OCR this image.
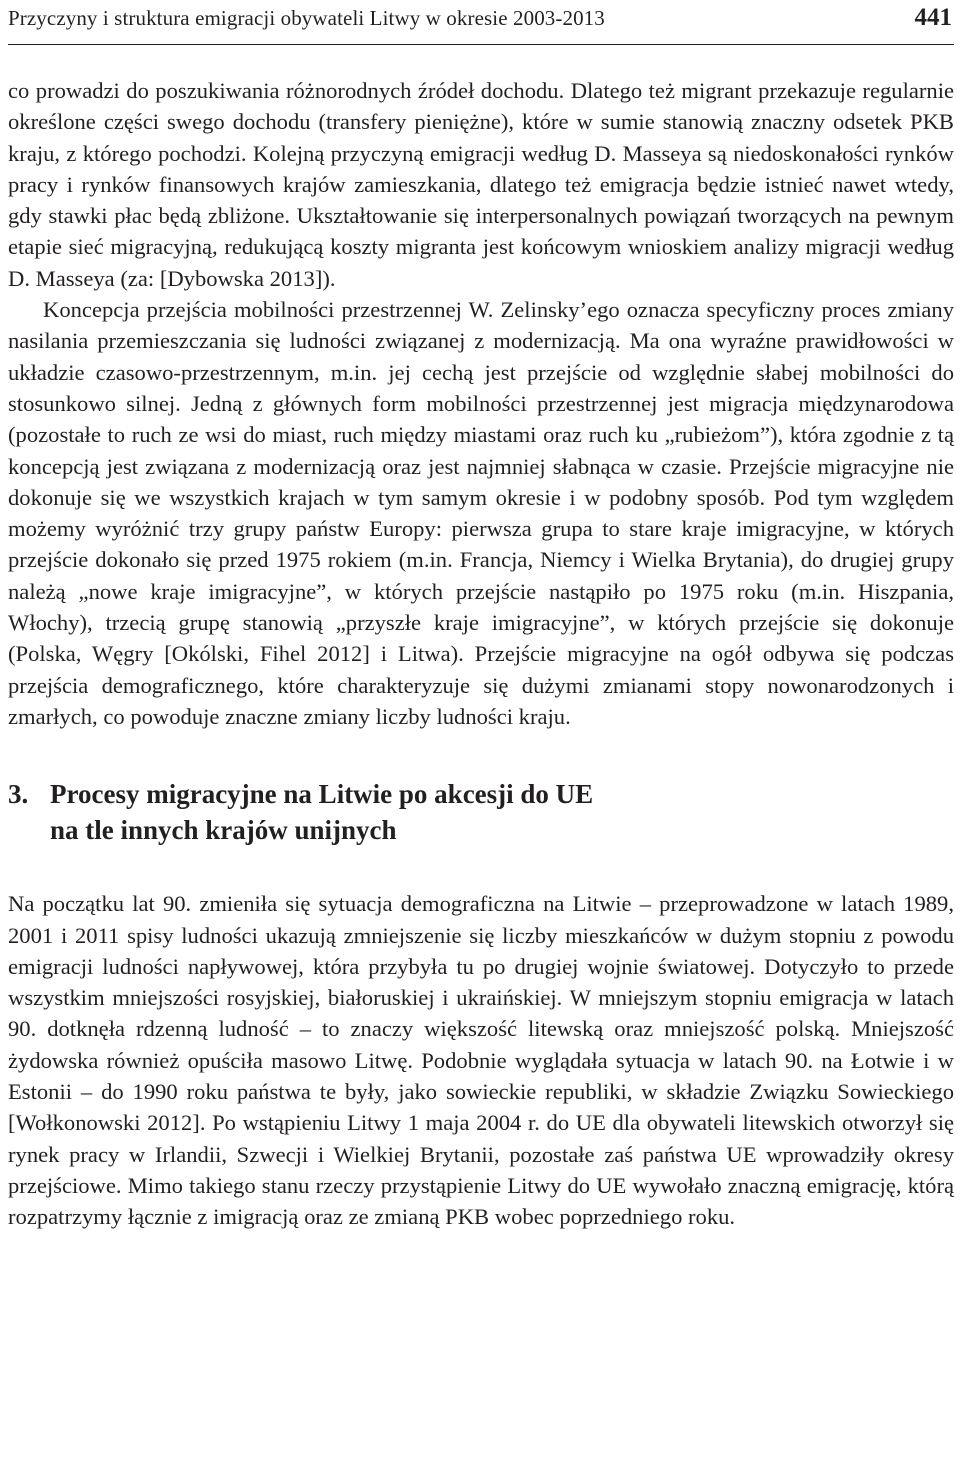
Przyczyny i struktura emigracji obywateli Litwy w okresie 2003-2013	441

co prowadzi do poszukiwania różnorodnych źródeł dochodu. Dlatego też migrant przekazuje regularnie określone części swego dochodu (transfery pieniężne), które w sumie stanowią znaczny odsetek PKB kraju, z którego pochodzi. Kolejną przyczyną emigracji według D. Masseya są niedoskonałości rynków pracy i rynków finansowych krajów zamieszkania, dlatego też emigracja będzie istnieć nawet wtedy, gdy stawki płac będą zbliżone. Ukształtowanie się interpersonalnych powiązań tworzących na pewnym etapie sieć migracyjną, redukującą koszty migranta jest końcowym wnioskiem analizy migracji według D. Masseya (za: [Dybowska 2013]).

Koncepcja przejścia mobilności przestrzennej W. Zelinsky’ego oznacza specyficzny proces zmiany nasilania przemieszczania się ludności związanej z modernizacją. Ma ona wyraźne prawidłowości w układzie czasowo-przestrzennym, m.in. jej cechą jest przejście od względnie słabej mobilności do stosunkowo silnej. Jedną z głównych form mobilności przestrzennej jest migracja międzynarodowa (pozostałe to ruch ze wsi do miast, ruch między miastami oraz ruch ku „rubieżom”), która zgodnie z tą koncepcją jest związana z modernizacją oraz jest najmniej słabnąca w czasie. Przejście migracyjne nie dokonuje się we wszystkich krajach w tym samym okresie i w podobny sposób. Pod tym względem możemy wyróżnić trzy grupy państw Europy: pierwsza grupa to stare kraje imigracyjne, w których przejście dokonało się przed 1975 rokiem (m.in. Francja, Niemcy i Wielka Brytania), do drugiej grupy należą „nowe kraje imigracyjne”, w których przejście nastąpiło po 1975 roku (m.in. Hiszpania, Włochy), trzecią grupę stanowią „przyszłe kraje imigracyjne”, w których przejście się dokonuje (Polska, Węgry [Okólski, Fihel 2012] i Litwa). Przejście migracyjne na ogół odbywa się podczas przejścia demograficznego, które charakteryzuje się dużymi zmianami stopy nowonarodzonych i zmarłych, co powoduje znaczne zmiany liczby ludności kraju.

3. Procesy migracyjne na Litwie po akcesji do UE
na tle innych krajów unijnych

Na początku lat 90. zmieniła się sytuacja demograficzna na Litwie – przeprowadzone w latach 1989, 2001 i 2011 spisy ludności ukazują zmniejszenie się liczby mieszkańców w dużym stopniu z powodu emigracji ludności napływowej, która przybyła tu po drugiej wojnie światowej. Dotyczyło to przede wszystkim mniejszości rosyjskiej, białoruskiej i ukraińskiej. W mniejszym stopniu emigracja w latach 90. dotknęła rdzenną ludność – to znaczy większość litewską oraz mniejszość polską. Mniejszość żydowska również opuściła masowo Litwę. Podobnie wyglądała sytuacja w latach 90. na Łotwie i w Estonii – do 1990 roku państwa te były, jako sowieckie republiki, w składzie Związku Sowieckiego [Wołkonowski 2012]. Po wstąpieniu Litwy 1 maja 2004 r. do UE dla obywateli litewskich otworzył się rynek pracy w Irlandii, Szwecji i Wielkiej Brytanii, pozostałe zaś państwa UE wprowadziły okresy przejściowe. Mimo takiego stanu rzeczy przystąpienie Litwy do UE wywołało znaczną emigrację, którą rozpatrzymy łącznie z imigracją oraz ze zmianą PKB wobec poprzedniego roku.
